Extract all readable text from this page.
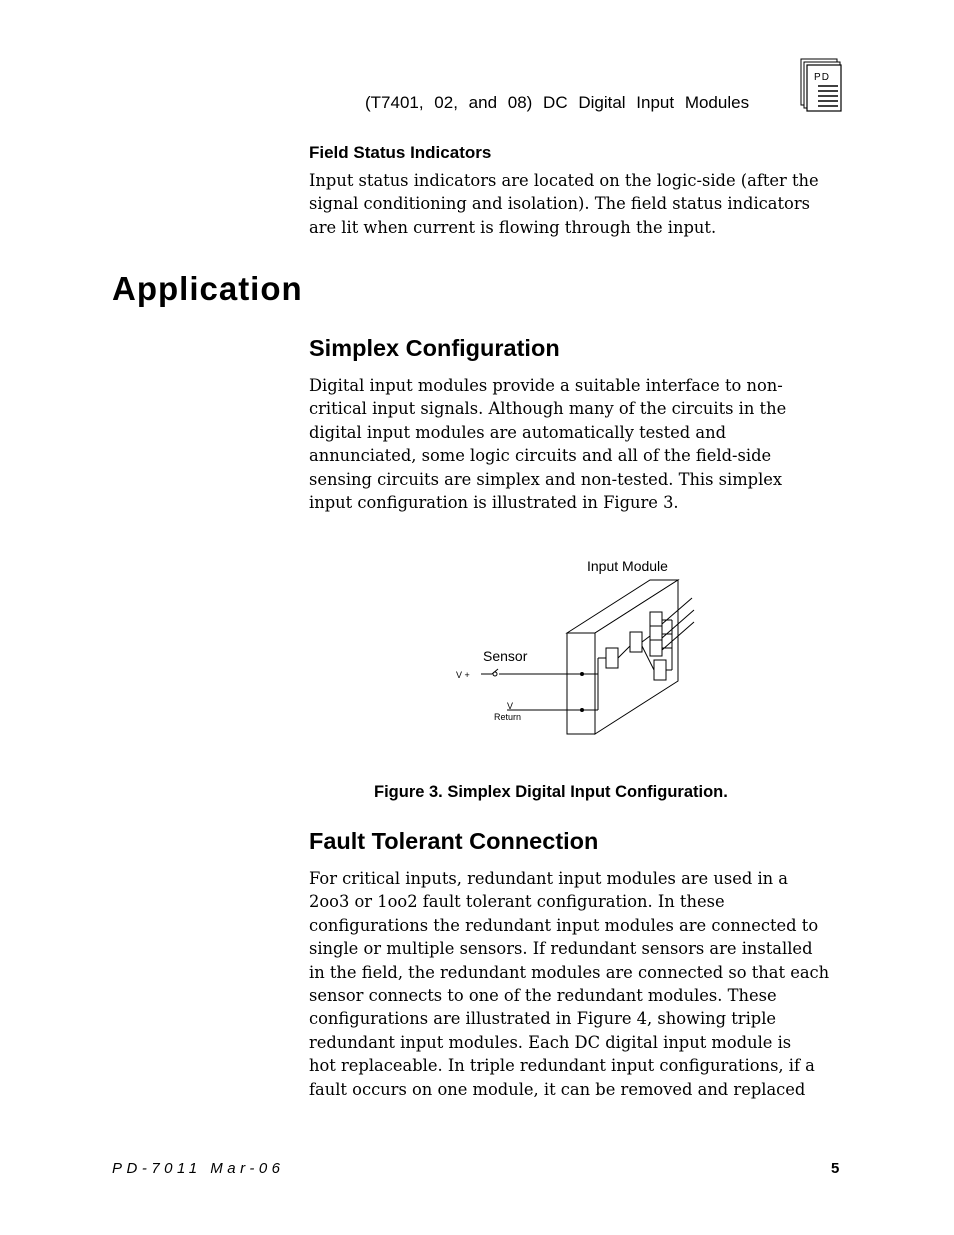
(T7401, 02, and 08) DC Digital Input Modules
PD
Field Status Indicators
Input status indicators are located on the logic-side (after the
signal conditioning and isolation). The field status indicators
are lit when current is flowing through the input.
Application
Simplex Configuration
Digital input modules provide a suitable interface to non-
critical input signals. Although many of the circuits in the
digital input modules are automatically tested and
annunciated, some logic circuits and all of the field-side
sensing circuits are simplex and non-tested. This simplex
input configuration is illustrated in Figure 3.
Input Module
Sensor
V +
V
Return
Figure 3. Simplex Digital Input Configuration.
Fault Tolerant Connection
For critical inputs, redundant input modules are used in a
2oo3 or 1oo2 fault tolerant configuration. In these
configurations the redundant input modules are connected to
single or multiple sensors. If redundant sensors are installed
in the field, the redundant modules are connected so that each
sensor connects to one of the redundant modules. These
configurations are illustrated in Figure 4, showing triple
redundant input modules. Each DC digital input module is
hot replaceable. In triple redundant input configurations, if a
fault occurs on one module, it can be removed and replaced
PD-7011 Mar-06	5
